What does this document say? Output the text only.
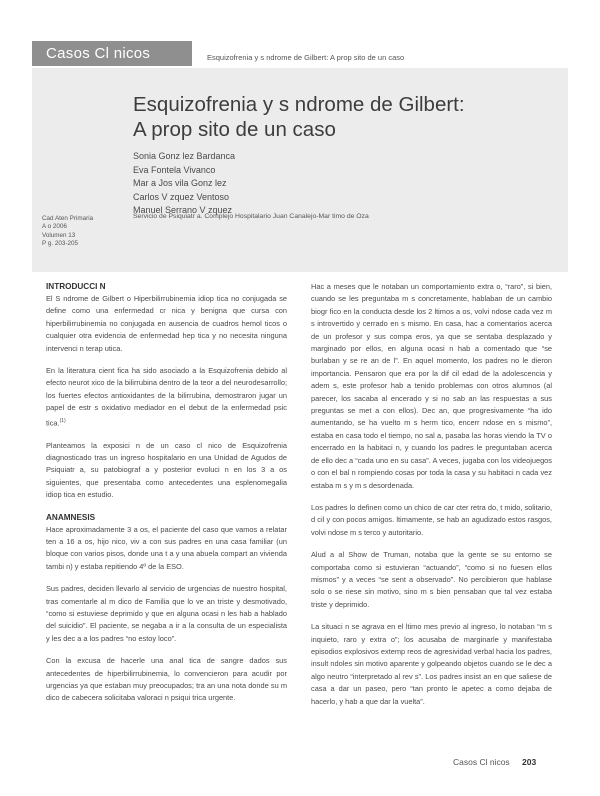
Casos Cl nicos	Esquizofrenia y s ndrome de Gilbert: A prop sito de un caso
Esquizofrenia y s ndrome de Gilbert:
A prop sito de un caso
Sonia Gonz lez Bardanca
Eva Fontela Vivanco
Mar a Jos vila Gonz lez
Carlos V zquez Ventoso
Manuel Serrano V zquez
Servicio de Psiquiatr a. Complejo Hospitalario Juan Canalejo-Mar timo de Oza
Cad Aten Primaria
A o 2006
Volumen 13
P g. 203-205
INTRODUCCI N

El S ndrome de Gilbert o Hiperbilirrubinemia idiop tica no conjugada se define como una enfermedad cr nica y benigna que cursa con hiperbilirrubinemia no conjugada en ausencia de cuadros hemol ticos o cualquier otra evidencia de enfermedad hep tica y no necesita ninguna intervenci n terap utica.

En la literatura cient fica ha sido asociado a la Esquizofrenia debido al efecto neurot xico de la bilirrubina dentro de la teor a del neurodesarrollo; los fuertes efectos antioxidantes de la bilirrubina, demostraron jugar un papel de estr s oxidativo mediador en el debut de la enfermedad psic tica.$^{(1)}$

Planteamos la exposici n de un caso cl nico de Esquizofrenia diagnosticado tras un ingreso hospitalario en una Unidad de Agudos de Psiquiatr a, su patobiograf a y posterior evoluci n en los 3 a os siguientes, que presentaba como antecedentes una esplenomegalia idiop tica en estudio.

ANAMNESIS

Hace aproximadamente 3 a os, el paciente del caso que vamos a relatar ten a 16 a os, hijo nico, viv a con sus padres en una casa familiar (un bloque con varios pisos, donde una t a y una abuela compart an vivienda tambi n) y estaba repitiendo 4º de la ESO.

Sus padres, deciden llevarlo al servicio de urgencias de nuestro hospital, tras comentarle al m dico de Familia que lo ve an triste y desmotivado, “como si estuviese deprimido y que en alguna ocasi n les hab a hablado del suicidio”. El paciente, se negaba a ir a la consulta de un especialista y les dec a a los padres “no estoy loco”.

Con la excusa de hacerle una anal tica de sangre dados sus antecedentes de hiperbilirrubinemia, lo convencieron para acudir por urgencias ya que estaban muy preocupados; tra an una nota donde su m dico de cabecera solicitaba valoraci n psiqui trica urgente.

Hac a meses que le notaban un comportamiento extra o, “raro”, si bien, cuando se les preguntaba m s concretamente, hablaban de un cambio biogr fico en la conducta desde los 2 ltimos a os, volvi ndose cada vez m s introvertido y cerrado en s mismo. En casa, hac a comentarios acerca de un profesor y sus compa eros, ya que se sentaba desplazado y marginado por ellos, en alguna ocasi n hab a comentado que “se burlaban y se re an de l”. En aquel momento, los padres no le dieron importancia. Pensaron que era por la dif cil edad de la adolescencia y adem s, este profesor hab a tenido problemas con otros alumnos (al parecer, los sacaba al encerado y si no sab an las respuestas a sus preguntas se met a con ellos). Dec an, que progresivamente “ha ido aumentando, se ha vuelto m s herm tico, encerr ndose en s mismo”, estaba en casa todo el tiempo, no sal a, pasaba las horas viendo la TV o encerrado en la habitaci n, y cuando los padres le preguntaban acerca de ello dec a “cada uno en su casa”. A veces, jugaba con los videojuegos o con el bal n rompiendo cosas por toda la casa y su habitaci n cada vez estaba m s y m s desordenada.

Los padres lo definen como un chico de car cter retra do, t mido, solitario, d cil y con pocos amigos. ltimamente, se hab an agudizado estos rasgos, volvi ndose m s terco y autoritario.

Alud a al Show de Truman, notaba que la gente se su entorno se comportaba como si estuvieran “actuando”, “como si no fuesen ellos mismos” y a veces “se sent a observado”. No percibieron que hablase solo o se riese sin motivo, sino m s bien pensaban que tal vez estaba triste y deprimido.

La situaci n se agrava en el ltimo mes previo al ingreso, lo notaban “m s inquieto, raro y extra o”; los acusaba de marginarle y manifestaba episodios explosivos extemp reos de agresividad verbal hacia los padres, insult ndoles sin motivo aparente y golpeando objetos cuando se le dec a algo neutro “interpretado al rev s”. Los padres insist an en que saliese de casa a dar un paseo, pero “tan pronto le apetec a como dejaba de hacerlo, y hab a que dar la vuelta”.

Casos Cl nicos 203
